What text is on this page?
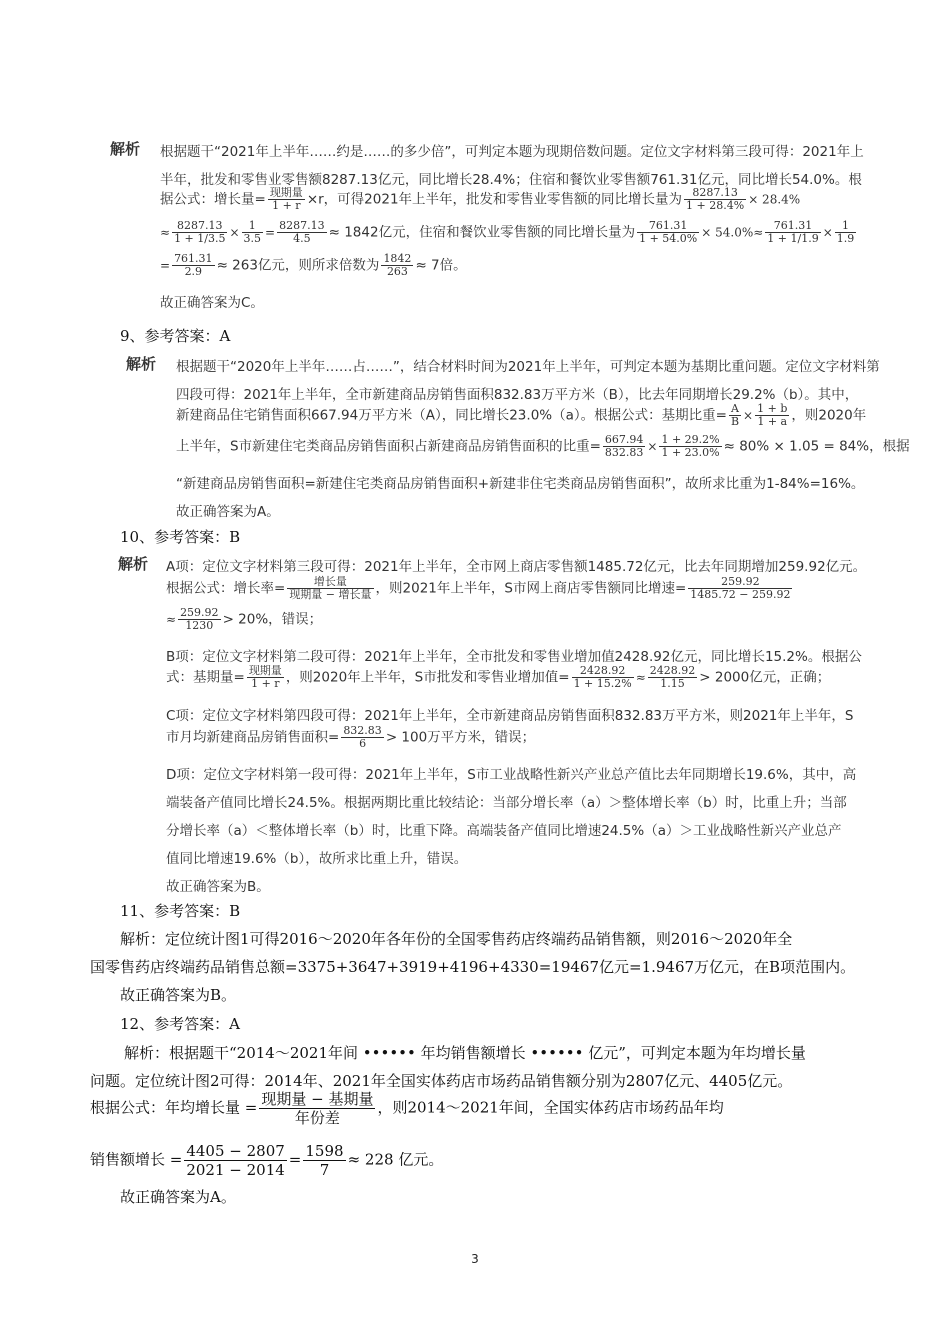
解析 根据题干“2021年上半年……约是……的多少倍”，可判定本题为现期倍数问题。定位文字材料第三段可得：2021年上
半年，批发和零售业零售额8287.13亿元，同比增长28.4%；住宿和餐饮业零售额761.31亿元，同比增长54.0%。根
据公式：增长量= $\frac{\text{现期量}}{1 + r} \times r$，可得2021年上半年，批发和零售业零售额的同比增长量为 $\frac{8287.13}{1 + 28.4\%} \times 28.4\%$
≈ $\frac{8287.13}{1 + 1/3.5} \times \frac{1}{3.5} = \frac{8287.13}{4.5} \approx 1842$亿元，住宿和餐饮业零售额的同比增长量为 $\frac{761.31}{1 + 54.0\%} \times 54.0\%\approx \frac{761.31}{1 + 1/1.9} \times \frac{1}{1.9}$
= $\frac{761.31}{2.9} \approx 263$亿元，则所求倍数为 $\frac{1842}{263} \approx 7$倍。
故正确答案为C。
9、参考答案：A
解析 根据题干“2020年上半年……占……”，结合材料时间为2021年上半年，可判定本题为基期比重问题。定位文字材料第
四段可得：2021年上半年，全市新建商品房销售面积832.83万平方米（B），比去年同期增长29.2%（b）。其中，
新建商品住宅销售面积667.94万平方米（A），同比增长23.0%（a）。根据公式：基期比重= $\frac{A}{B} \times \frac{1 + b}{1 + a}$ ，则2020年
上半年，S市新建住宅类商品房销售面积占新建商品房销售面积的比重= $\frac{667.94}{832.83} \times \frac{1 + 29.2\%}{1 + 23.0\%} \approx 80\% \times 1.05 = 84\%$，根据
“新建商品房销售面积=新建住宅类商品房销售面积+新建非住宅类商品房销售面积”，故所求比重为1-84%=16%。
故正确答案为A。
10、参考答案：B
解析 A项：定位文字材料第三段可得：2021年上半年，全市网上商店零售额1485.72亿元，比去年同期增加259.92亿元。
根据公式：增长率= $\frac{\text{增长量}}{\text{现期量 − 增长量}}$ ，则2021年上半年，S市网上商店零售额同比增速= $\frac{259.92}{1485.72 - 259.92}$
≈ $\frac{259.92}{1230} > 20\%$，错误；
B项：定位文字材料第二段可得：2021年上半年，全市批发和零售业增加值2428.92亿元，同比增长15.2%。根据公
式：基期量= $\frac{\text{现期量}}{1 + r}$ ，则2020年上半年，S市批发和零售业增加值= $\frac{2428.92}{1 + 15.2\%} \approx \frac{2428.92}{1.15} > 2000$亿元，正确；
C项：定位文字材料第四段可得：2021年上半年，全市新建商品房销售面积832.83万平方米，则2021年上半年，S
市月均新建商品房销售面积= $\frac{832.83}{6} > 100$万平方米，错误；
D项：定位文字材料第一段可得：2021年上半年，S市工业战略性新兴产业总产值比去年同期增长19.6%，其中，高
端装备产值同比增长24.5%。根据两期比重比较结论：当部分增长率（a）＞整体增长率（b）时，比重上升；当部
分增长率（a）＜整体增长率（b）时，比重下降。高端装备产值同比增速24.5%（a）＞工业战略性新兴产业总产
值同比增速19.6%（b），故所求比重上升，错误。
故正确答案为B。
11、参考答案：B
解析：定位统计图1可得2016～2020年各年份的全国零售药店终端药品销售额，则2016～2020年全
国零售药店终端药品销售总额=3375+3647+3919+4196+4330=19467亿元=1.9467万亿元，在B项范围内。
故正确答案为B。
12、参考答案：A
解析：根据题干“2014～2021年间 •••••• 年均销售额增长 •••••• 亿元”，可判定本题为年均增长量
问题。定位统计图2可得：2014年、2021年全国实体药店市场药品销售额分别为2807亿元、4405亿元。
根据公式：年均增长量 = $\frac{\text{现期量 − 基期量}}{\text{年份差}}$ ，则2014～2021年间，全国实体药店市场药品年均
销售额增长 = $\frac{4405 - 2807}{2021 - 2014} = \frac{1598}{7} \approx 228$ 亿元。
故正确答案为A。
3
